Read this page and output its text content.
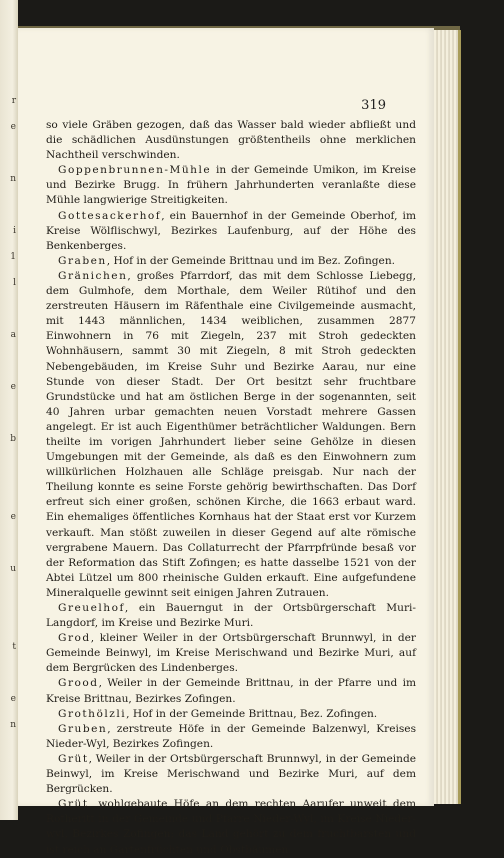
r
e

n

i
1
l

a

e

b

e

u

t

e
n
319

so viele Gräben gezogen, daß das Wasser bald wieder abfließt und die schädlichen Ausdünstungen größtentheils ohne merklichen Nachtheil verschwinden.

Goppenbrunnen-Mühle in der Gemeinde Umikon, im Kreise und Bezirke Brugg. In frühern Jahrhunderten veranlaßte diese Mühle langwierige Streitigkeiten.

Gottesackerhof, ein Bauernhof in der Gemeinde Oberhof, im Kreise Wölflischwyl, Bezirkes Laufenburg, auf der Höhe des Benkenberges.

Graben, Hof in der Gemeinde Brittnau und im Bez. Zofingen.

Gränichen, großes Pfarrdorf, das mit dem Schlosse Liebegg, dem Gulmhofe, dem Morthale, dem Weiler Rütihof und den zerstreuten Häusern im Räfenthale eine Civilgemeinde ausmacht, mit 1443 männlichen, 1434 weiblichen, zusammen 2877 Einwohnern in 76 mit Ziegeln, 237 mit Stroh gedeckten Wohnhäusern, sammt 30 mit Ziegeln, 8 mit Stroh gedeckten Nebengebäuden, im Kreise Suhr und Bezirke Aarau, nur eine Stunde von dieser Stadt. Der Ort besitzt sehr fruchtbare Grundstücke und hat am östlichen Berge in der sogenannten, seit 40 Jahren urbar gemachten neuen Vorstadt mehrere Gassen angelegt. Er ist auch Eigenthümer beträchtlicher Waldungen. Bern theilte im vorigen Jahrhundert lieber seine Gehölze in diesen Umgebungen mit der Gemeinde, als daß es den Einwohnern zum willkürlichen Holzhauen alle Schläge preisgab. Nur nach der Theilung konnte es seine Forste gehörig bewirthschaften. Das Dorf erfreut sich einer großen, schönen Kirche, die 1663 erbaut ward. Ein ehemaliges öffentliches Kornhaus hat der Staat erst vor Kurzem verkauft. Man stößt zuweilen in dieser Gegend auf alte römische vergrabene Mauern. Das Collaturrecht der Pfarrpfründe besaß vor der Reformation das Stift Zofingen; es hatte dasselbe 1521 von der Abtei Lützel um 800 rheinische Gulden erkauft. Eine aufgefundene Mineralquelle gewinnt seit einigen Jahren Zutrauen.

Greuelhof, ein Bauerngut in der Ortsbürgerschaft Muri-Langdorf, im Kreise und Bezirke Muri.

Grod, kleiner Weiler in der Ortsbürgerschaft Brunnwyl, in der Gemeinde Beinwyl, im Kreise Merischwand und Bezirke Muri, auf dem Bergrücken des Lindenberges.

Grood, Weiler in der Gemeinde Brittnau, in der Pfarre und im Kreise Brittnau, Bezirkes Zofingen.

Grothölzli, Hof in der Gemeinde Brittnau, Bez. Zofingen.

Gruben, zerstreute Höfe in der Gemeinde Balzenwyl, Kreises Nieder-Wyl, Bezirkes Zofingen.

Grüt, Weiler in der Ortsbürgerschaft Brunnwyl, in der Gemeinde Beinwyl, im Kreise Merischwand und Bezirke Muri, auf dem Bergrücken.

Grüt, wohlgebaute Höfe an dem rechten Aarufer unweit dem Rotheritt in der Gemeinde und Pfarre Nieder-Wyl, im Kreise Nieder-wyl, Bezirkes Zofingen; das Land gehört zu dem fruchtbarsten und ist reich an Gartenfrüchten und Obstbäumen.
